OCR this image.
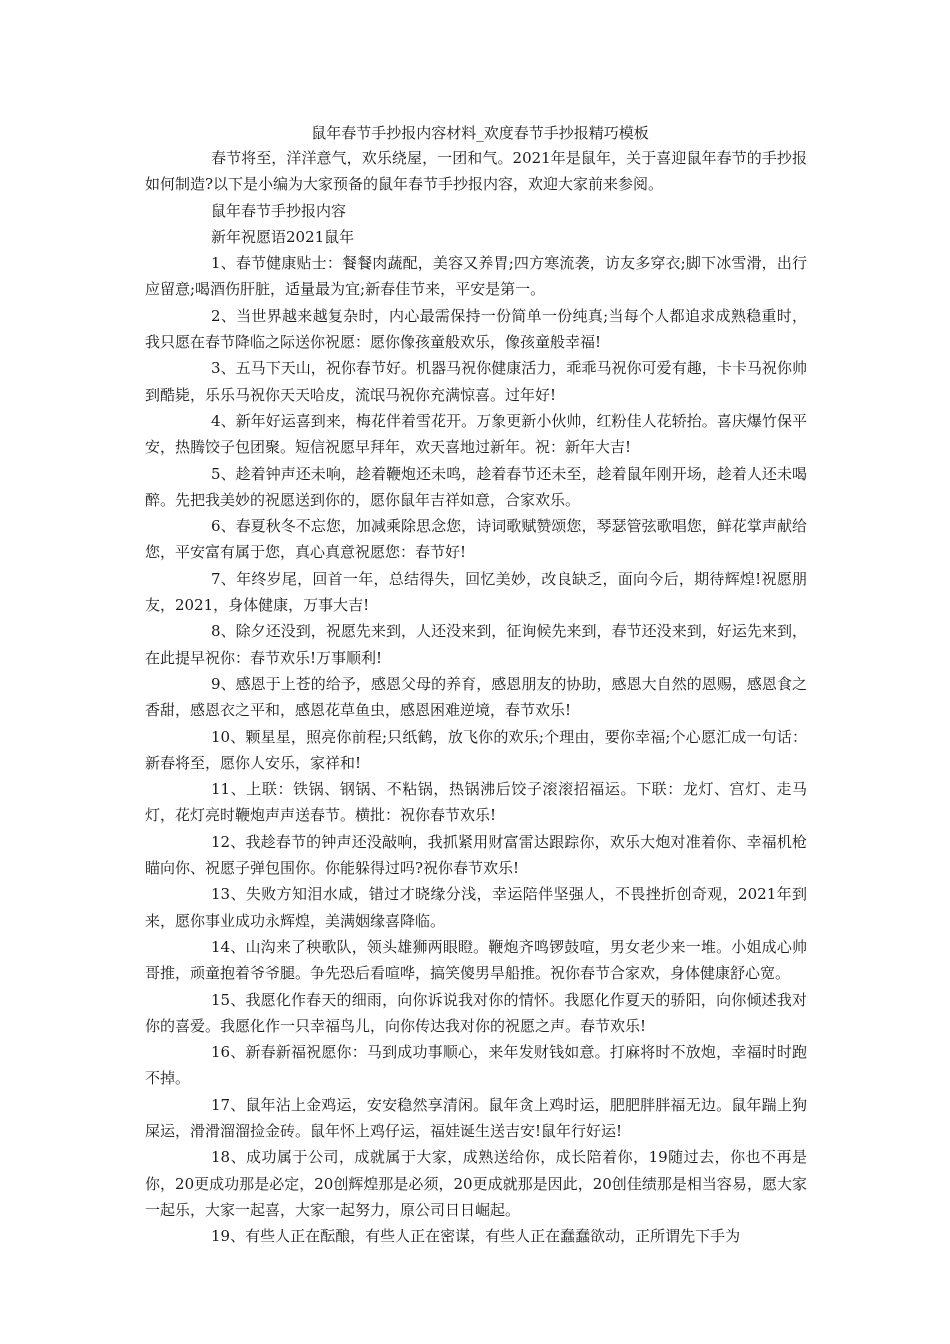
鼠年春节手抄报内容材料_欢度春节手抄报精巧模板

春节将至，洋洋意气，欢乐绕屋，一团和气。2021年是鼠年，关于喜迎鼠年春节的手抄报如何制造?以下是小编为大家预备的鼠年春节手抄报内容，欢迎大家前来参阅。

鼠年春节手抄报内容

新年祝愿语2021鼠年

1、春节健康贴士：餐餐肉蔬配，美容又养胃;四方寒流袭，访友多穿衣;脚下冰雪滑，出行应留意;喝酒伤肝脏，适量最为宜;新春佳节来，平安是第一。

2、当世界越来越复杂时，内心最需保持一份简单一份纯真;当每个人都追求成熟稳重时，我只愿在春节降临之际送你祝愿：愿你像孩童般欢乐，像孩童般幸福!

3、五马下天山，祝你春节好。机器马祝你健康活力，乖乖马祝你可爱有趣，卡卡马祝你帅到酷毙，乐乐马祝你天天哈皮，流氓马祝你充满惊喜。过年好!

4、新年好运喜到来，梅花伴着雪花开。万象更新小伙帅，红粉佳人花轿抬。喜庆爆竹保平安，热腾饺子包团聚。短信祝愿早拜年，欢天喜地过新年。祝：新年大吉!

5、趁着钟声还未响，趁着鞭炮还未鸣，趁着春节还未至，趁着鼠年刚开场，趁着人还未喝醉。先把我美妙的祝愿送到你的，愿你鼠年吉祥如意，合家欢乐。

6、春夏秋冬不忘您，加减乘除思念您，诗词歌赋赞颂您，琴瑟管弦歌唱您，鲜花掌声献给您，平安富有属于您，真心真意祝愿您：春节好!

7、年终岁尾，回首一年，总结得失，回忆美妙，改良缺乏，面向今后，期待辉煌!祝愿朋友，2021，身体健康，万事大吉!

8、除夕还没到，祝愿先来到，人还没来到，征询候先来到，春节还没来到，好运先来到，在此提早祝你：春节欢乐!万事顺利!

9、感恩于上苍的给予，感恩父母的养育，感恩朋友的协助，感恩大自然的恩赐，感恩食之香甜，感恩衣之平和，感恩花草鱼虫，感恩困难逆境，春节欢乐!

10、颗星星，照亮你前程;只纸鹤，放飞你的欢乐;个理由，要你幸福;个心愿汇成一句话：新春将至，愿你人安乐，家祥和!

11、上联：铁锅、钢锅、不粘锅，热锅沸后饺子滚滚招福运。下联：龙灯、宫灯、走马灯，花灯亮时鞭炮声声送春节。横批：祝你春节欢乐!

12、我趁春节的钟声还没敲响，我抓紧用财富雷达跟踪你，欢乐大炮对准着你、幸福机枪瞄向你、祝愿子弹包围你。你能躲得过吗?祝你春节欢乐!

13、失败方知泪水咸，错过才晓缘分浅，幸运陪伴坚强人，不畏挫折创奇观，2021年到来，愿你事业成功永辉煌，美满姻缘喜降临。

14、山沟来了秧歌队，领头雄狮两眼瞪。鞭炮齐鸣锣鼓喧，男女老少来一堆。小姐成心帅哥推，顽童抱着爷爷腿。争先恐后看喧哗，搞笑傻男旱船推。祝你春节合家欢，身体健康舒心宽。

15、我愿化作春天的细雨，向你诉说我对你的情怀。我愿化作夏天的骄阳，向你倾述我对你的喜爱。我愿化作一只幸福鸟儿，向你传达我对你的祝愿之声。春节欢乐!

16、新春新福祝愿你：马到成功事顺心，来年发财钱如意。打麻将时不放炮，幸福时时跑不掉。

17、鼠年沾上金鸡运，安安稳然享清闲。鼠年贪上鸡时运，肥肥胖胖福无边。鼠年踹上狗屎运，滑滑溜溜捡金砖。鼠年怀上鸡仔运，福娃诞生送吉安!鼠年行好运!

18、成功属于公司，成就属于大家，成熟送给你，成长陪着你，19随过去，你也不再是你，20更成功那是必定，20创辉煌那是必须，20更成就那是因此，20创佳绩那是相当容易，愿大家一起乐，大家一起喜，大家一起努力，原公司日日崛起。

19、有些人正在酝酿，有些人正在密谋，有些人正在蠢蠢欲动，正所谓先下手为
